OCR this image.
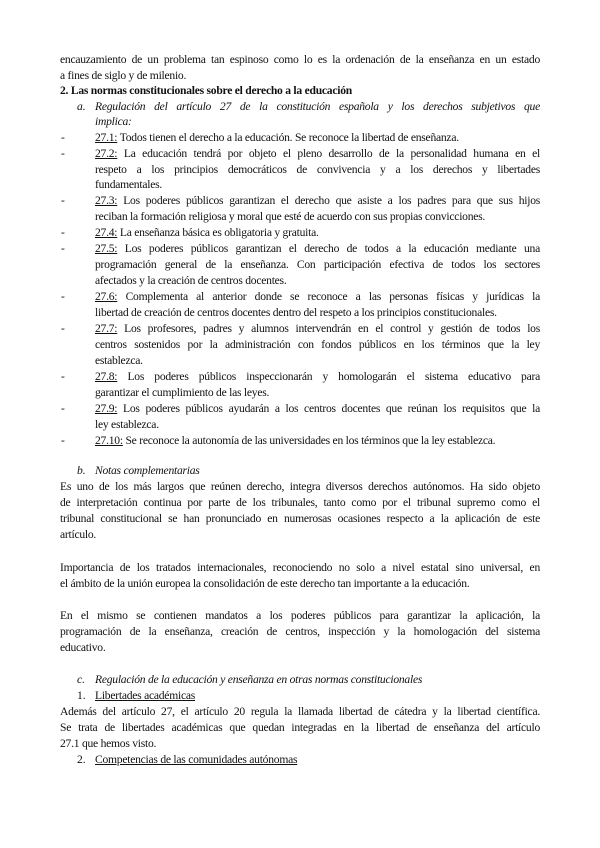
encauzamiento de un problema tan espinoso como lo es la ordenación de la enseñanza en un estado
a fines de siglo y de milenio.
2. Las normas constitucionales sobre el derecho a la educación
a. Regulación del artículo 27 de la constitución española y los derechos subjetivos que
implica:
-	27.1: Todos tienen el derecho a la educación. Se reconoce la libertad de enseñanza.
-	27.2: La educación tendrá por objeto el pleno desarrollo de la personalidad humana en el
respeto a los principios democráticos de convivencia y a los derechos y libertades
fundamentales.
-	27.3: Los poderes públicos garantizan el derecho que asiste a los padres para que sus hijos
reciban la formación religiosa y moral que esté de acuerdo con sus propias convicciones.
-	27.4: La enseñanza básica es obligatoria y gratuita.
-	27.5: Los poderes públicos garantizan el derecho de todos a la educación mediante una
programación general de la enseñanza. Con participación efectiva de todos los sectores
afectados y la creación de centros docentes.
-	27.6: Complementa al anterior donde se reconoce a las personas físicas y jurídicas la
libertad de creación de centros docentes dentro del respeto a los principios constitucionales.
-	27.7: Los profesores, padres y alumnos intervendrán en el control y gestión de todos los
centros sostenidos por la administración con fondos públicos en los términos que la ley
establezca.
-	27.8: Los poderes públicos inspeccionarán y homologarán el sistema educativo para
garantizar el cumplimiento de las leyes.
-	27.9: Los poderes públicos ayudarán a los centros docentes que reúnan los requisitos que la
ley establezca.
-	27.10: Se reconoce la autonomía de las universidades en los términos que la ley establezca.
b. Notas complementarias
Es uno de los más largos que reúnen derecho, integra diversos derechos autónomos. Ha sido objeto
de interpretación continua por parte de los tribunales, tanto como por el tribunal supremo como el
tribunal constitucional se han pronunciado en numerosas ocasiones respecto a la aplicación de este
artículo.
Importancia de los tratados internacionales, reconociendo no solo a nivel estatal sino universal, en
el ámbito de la unión europea la consolidación de este derecho tan importante a la educación.
En el mismo se contienen mandatos a los poderes públicos para garantizar la aplicación, la
programación de la enseñanza, creación de centros, inspección y la homologación del sistema
educativo.
c. Regulación de la educación y enseñanza en otras normas constitucionales
1. Libertades académicas
Además del artículo 27, el artículo 20 regula la llamada libertad de cátedra y la libertad científica.
Se trata de libertades académicas que quedan integradas en la libertad de enseñanza del artículo
27.1 que hemos visto.
2. Competencias de las comunidades autónomas
